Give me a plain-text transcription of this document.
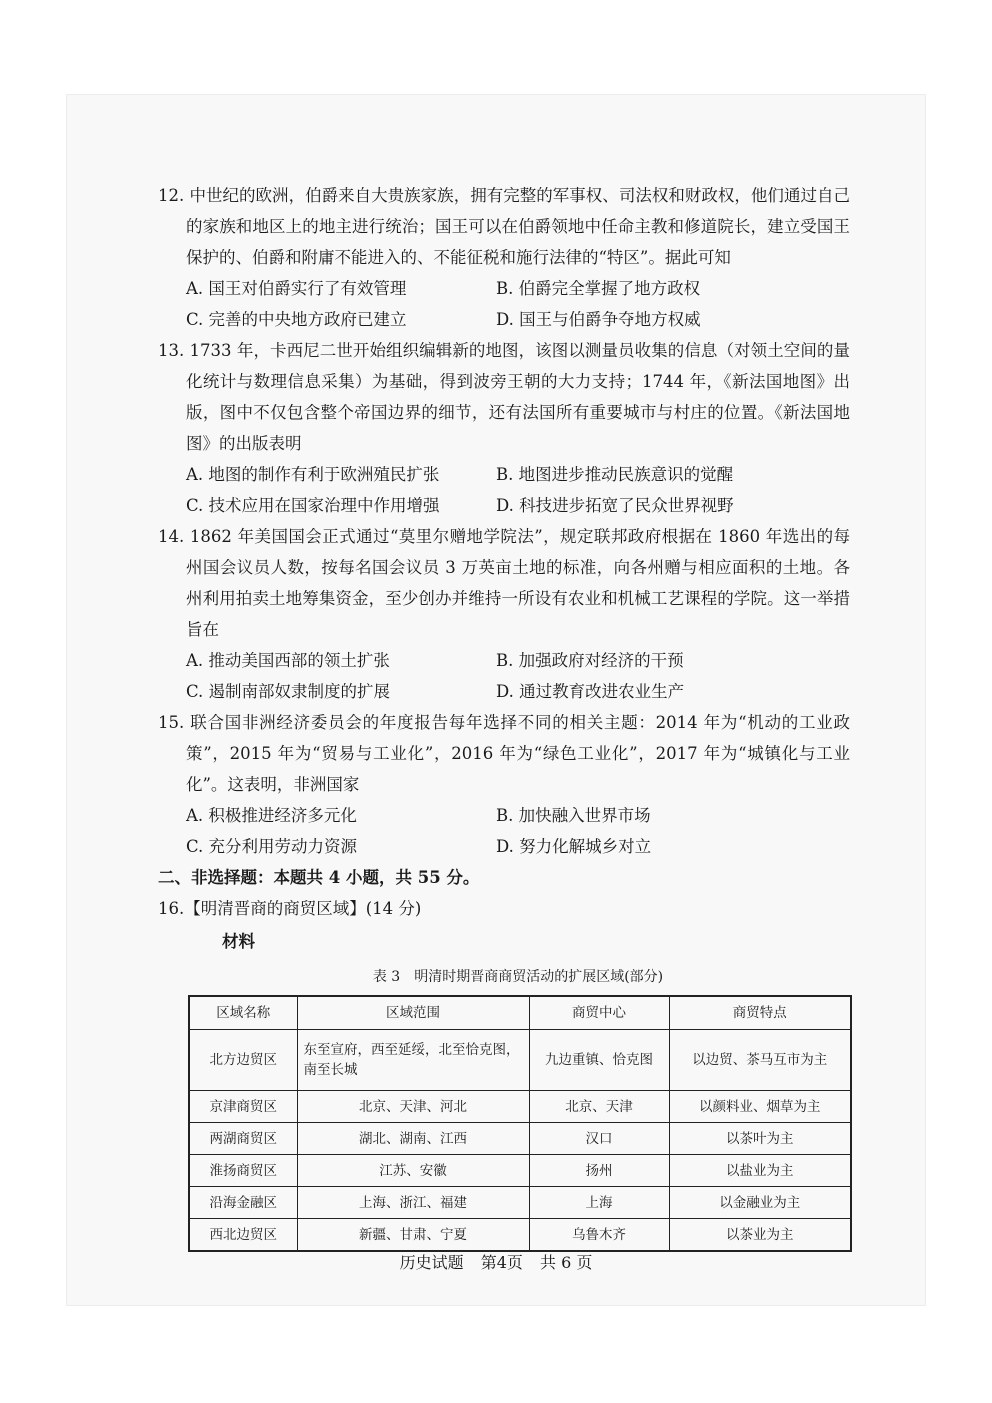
12. 中世纪的欧洲，伯爵来自大贵族家族，拥有完整的军事权、司法权和财政权，他们通过自己的家族和地区上的地主进行统治；国王可以在伯爵领地中任命主教和修道院长，建立受国王保护的、伯爵和附庸不能进入的、不能征税和施行法律的“特区”。据此可知
A. 国王对伯爵实行了有效管理	B. 伯爵完全掌握了地方政权
C. 完善的中央地方政府已建立	D. 国王与伯爵争夺地方权威
13. 1733 年，卡西尼二世开始组织编辑新的地图，该图以测量员收集的信息（对领土空间的量化统计与数理信息采集）为基础，得到波旁王朝的大力支持；1744 年，《新法国地图》出版，图中不仅包含整个帝国边界的细节，还有法国所有重要城市与村庄的位置。《新法国地图》的出版表明
A. 地图的制作有利于欧洲殖民扩张	B. 地图进步推动民族意识的觉醒
C. 技术应用在国家治理中作用增强	D. 科技进步拓宽了民众世界视野
14. 1862 年美国国会正式通过“莫里尔赠地学院法”，规定联邦政府根据在 1860 年选出的每州国会议员人数，按每名国会议员 3 万英亩土地的标准，向各州赠与相应面积的土地。各州利用拍卖土地筹集资金，至少创办并维持一所设有农业和机械工艺课程的学院。这一举措旨在
A. 推动美国西部的领土扩张	B. 加强政府对经济的干预
C. 遏制南部奴隶制度的扩展	D. 通过教育改进农业生产
15. 联合国非洲经济委员会的年度报告每年选择不同的相关主题：2014 年为“机动的工业政策”，2015 年为“贸易与工业化”，2016 年为“绿色工业化”，2017 年为“城镇化与工业化”。这表明，非洲国家
A. 积极推进经济多元化	B. 加快融入世界市场
C. 充分利用劳动力资源	D. 努力化解城乡对立

二、非选择题：本题共 4 小题，共 55 分。

16.【明清晋商的商贸区域】(14 分)

材料
表 3　明清时期晋商商贸活动的扩展区域(部分)
区域名称	区域范围	商贸中心	商贸特点
北方边贸区	东至宣府，西至延绥，北至恰克图，南至长城	九边重镇、恰克图	以边贸、茶马互市为主
京津商贸区	北京、天津、河北	北京、天津	以颜料业、烟草为主
两湖商贸区	湖北、湖南、江西	汉口	以茶叶为主
淮扬商贸区	江苏、安徽	扬州	以盐业为主
沿海金融区	上海、浙江、福建	上海	以金融业为主
西北边贸区	新疆、甘肃、宁夏	乌鲁木齐	以茶业为主
历史试题 第4页 共 6 页
